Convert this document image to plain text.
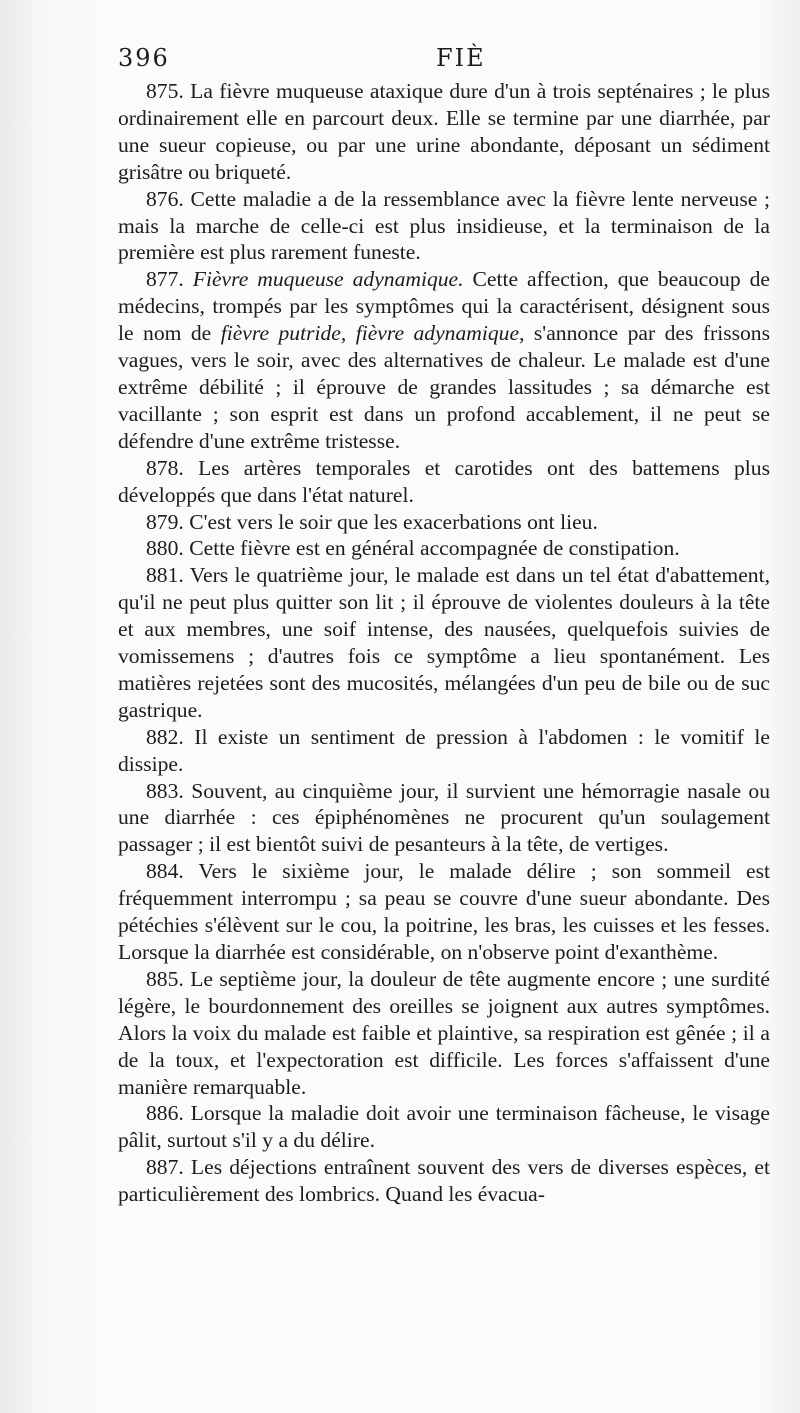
396	FIÈ

875. La fièvre muqueuse ataxique dure d'un à trois septénaires ; le plus ordinairement elle en parcourt deux. Elle se termine par une diarrhée, par une sueur copieuse, ou par une urine abondante, déposant un sédiment grisâtre ou briqueté.

876. Cette maladie a de la ressemblance avec la fièvre lente nerveuse ; mais la marche de celle-ci est plus insidieuse, et la terminaison de la première est plus rarement funeste.

877. Fièvre muqueuse adynamique. Cette affection, que beaucoup de médecins, trompés par les symptômes qui la caractérisent, désignent sous le nom de fièvre putride, fièvre adynamique, s'annonce par des frissons vagues, vers le soir, avec des alternatives de chaleur. Le malade est d'une extrême débilité ; il éprouve de grandes lassitudes ; sa démarche est vacillante ; son esprit est dans un profond accablement, il ne peut se défendre d'une extrême tristesse.

878. Les artères temporales et carotides ont des battemens plus développés que dans l'état naturel.

879. C'est vers le soir que les exacerbations ont lieu.

880. Cette fièvre est en général accompagnée de constipation.

881. Vers le quatrième jour, le malade est dans un tel état d'abattement, qu'il ne peut plus quitter son lit ; il éprouve de violentes douleurs à la tête et aux membres, une soif intense, des nausées, quelquefois suivies de vomissemens ; d'autres fois ce symptôme a lieu spontanément. Les matières rejetées sont des mucosités, mélangées d'un peu de bile ou de suc gastrique.

882. Il existe un sentiment de pression à l'abdomen : le vomitif le dissipe.

883. Souvent, au cinquième jour, il survient une hémorragie nasale ou une diarrhée : ces épiphénomènes ne procurent qu'un soulagement passager ; il est bientôt suivi de pesanteurs à la tête, de vertiges.

884. Vers le sixième jour, le malade délire ; son sommeil est fréquemment interrompu ; sa peau se couvre d'une sueur abondante. Des pétéchies s'élèvent sur le cou, la poitrine, les bras, les cuisses et les fesses. Lorsque la diarrhée est considérable, on n'observe point d'exanthème.

885. Le septième jour, la douleur de tête augmente encore ; une surdité légère, le bourdonnement des oreilles se joignent aux autres symptômes. Alors la voix du malade est faible et plaintive, sa respiration est gênée ; il a de la toux, et l'expectoration est difficile. Les forces s'affaissent d'une manière remarquable.

886. Lorsque la maladie doit avoir une terminaison fâcheuse, le visage pâlit, surtout s'il y a du délire.

887. Les déjections entraînent souvent des vers de diverses espèces, et particulièrement des lombrics. Quand les évacua-
